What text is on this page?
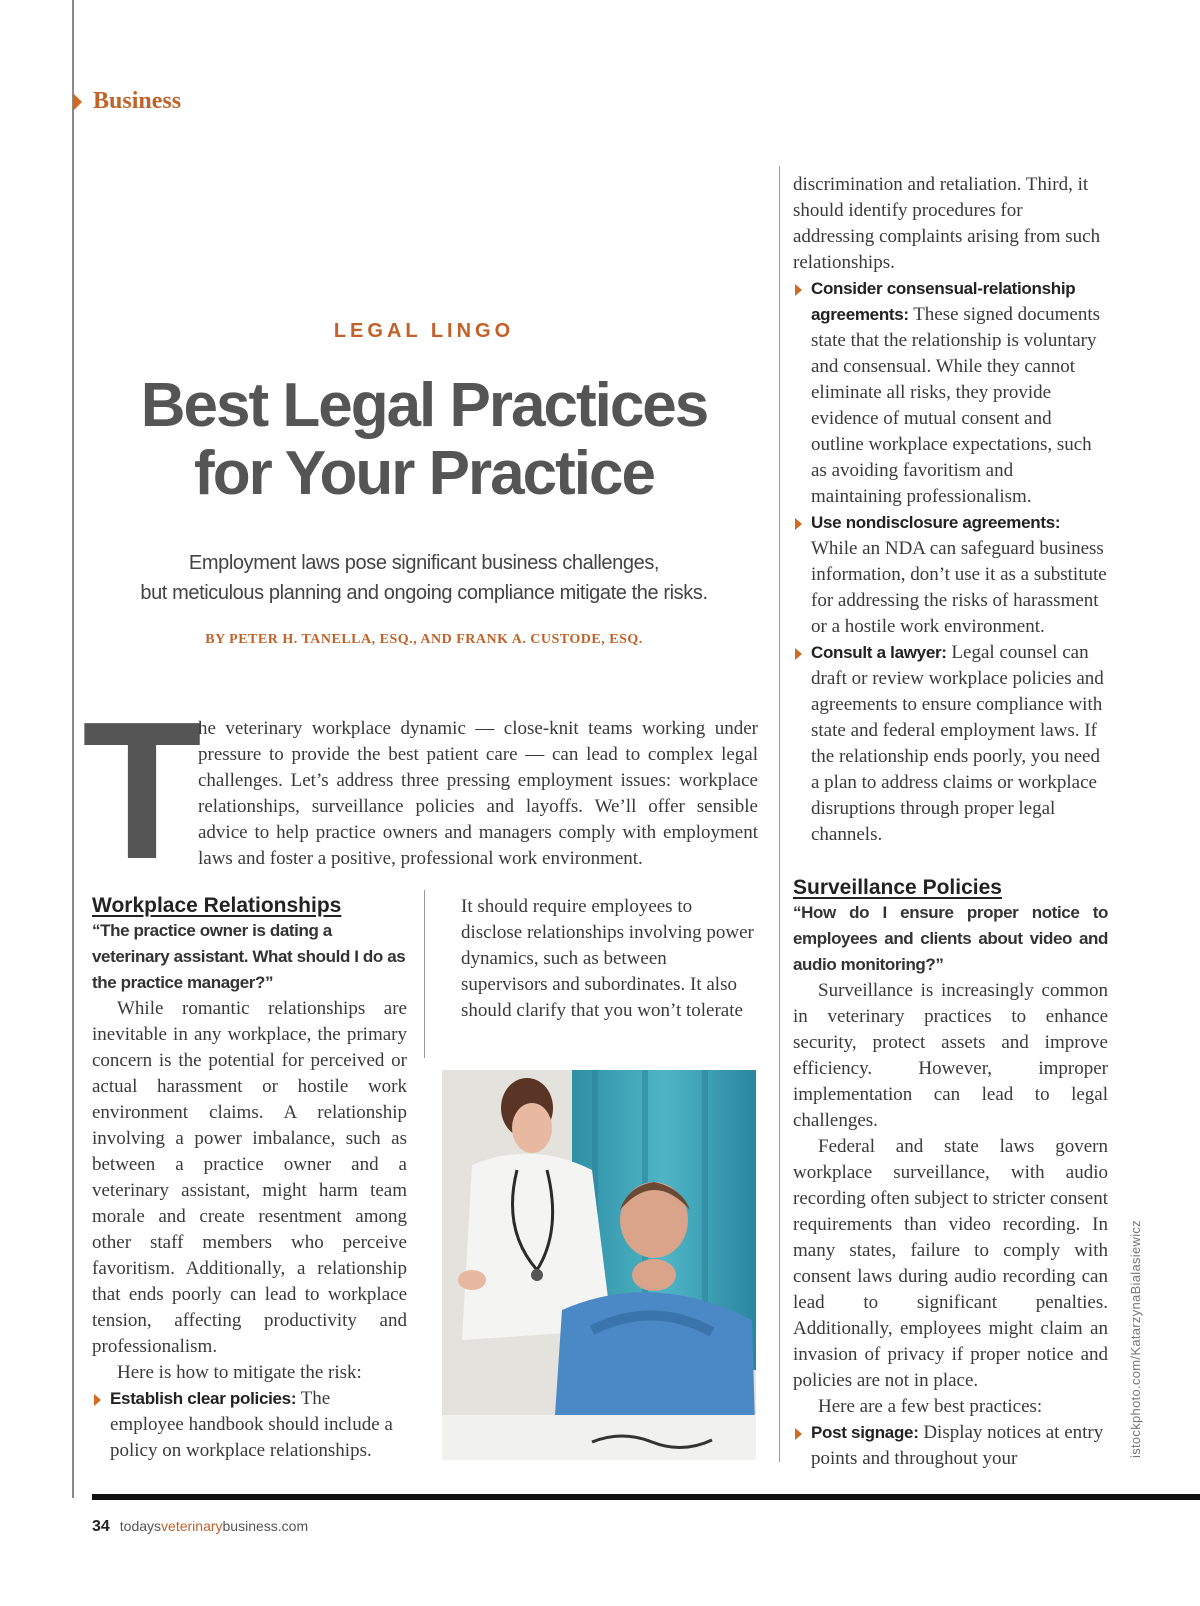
Business
LEGAL LINGO
Best Legal Practices
for Your Practice
Employment laws pose significant business challenges,
but meticulous planning and ongoing compliance mitigate the risks.
BY PETER H. TANELLA, ESQ., AND FRANK A. CUSTODE, ESQ.
T
he veterinary workplace dynamic — close-knit teams working under pressure to provide the best patient care — can lead to complex legal challenges. Let’s address three pressing employment issues: workplace relationships, surveillance policies and layoffs. We’ll offer sensible advice to help practice owners and managers comply with employment laws and foster a positive, professional work environment.
Workplace Relationships
“The practice owner is dating a veterinary assistant. What should I do as the practice manager?”
While romantic relationships are inevitable in any workplace, the primary concern is the potential for perceived or actual harassment or hostile work environment claims. A relationship involving a power imbalance, such as between a practice owner and a veterinary assistant, might harm team morale and create resentment among other staff members who perceive favoritism. Additionally, a relationship that ends poorly can lead to workplace tension, affecting productivity and professionalism.
Here is how to mitigate the risk:
Establish clear policies: The employee handbook should include a policy on workplace relationships.
It should require employees to disclose relationships involving power dynamics, such as between supervisors and subordinates. It also should clarify that you won’t tolerate
discrimination and retaliation. Third, it should identify procedures for addressing complaints arising from such relationships.
Consider consensual-relationship agreements: These signed documents state that the relationship is voluntary and consensual. While they cannot eliminate all risks, they provide evidence of mutual consent and outline workplace expectations, such as avoiding favoritism and maintaining professionalism.
Use nondisclosure agreements: While an NDA can safeguard business information, don’t use it as a substitute for addressing the risks of harassment or a hostile work environment.
Consult a lawyer: Legal counsel can draft or review workplace policies and agreements to ensure compliance with state and federal employment laws. If the relationship ends poorly, you need a plan to address claims or workplace disruptions through proper legal channels.
Surveillance Policies
“How do I ensure proper notice to employees and clients about video and audio monitoring?”
Surveillance is increasingly common in veterinary practices to enhance security, protect assets and improve efficiency. However, improper implementation can lead to legal challenges.
Federal and state laws govern workplace surveillance, with audio recording often subject to stricter consent requirements than video recording. In many states, failure to comply with consent laws during audio recording can lead to significant penalties. Additionally, employees might claim an invasion of privacy if proper notice and policies are not in place.
Here are a few best practices:
Post signage: Display notices at entry points and throughout your
istockphoto.com/KatarzynaBialasiewicz
34 todaysveterinarybusiness.com
